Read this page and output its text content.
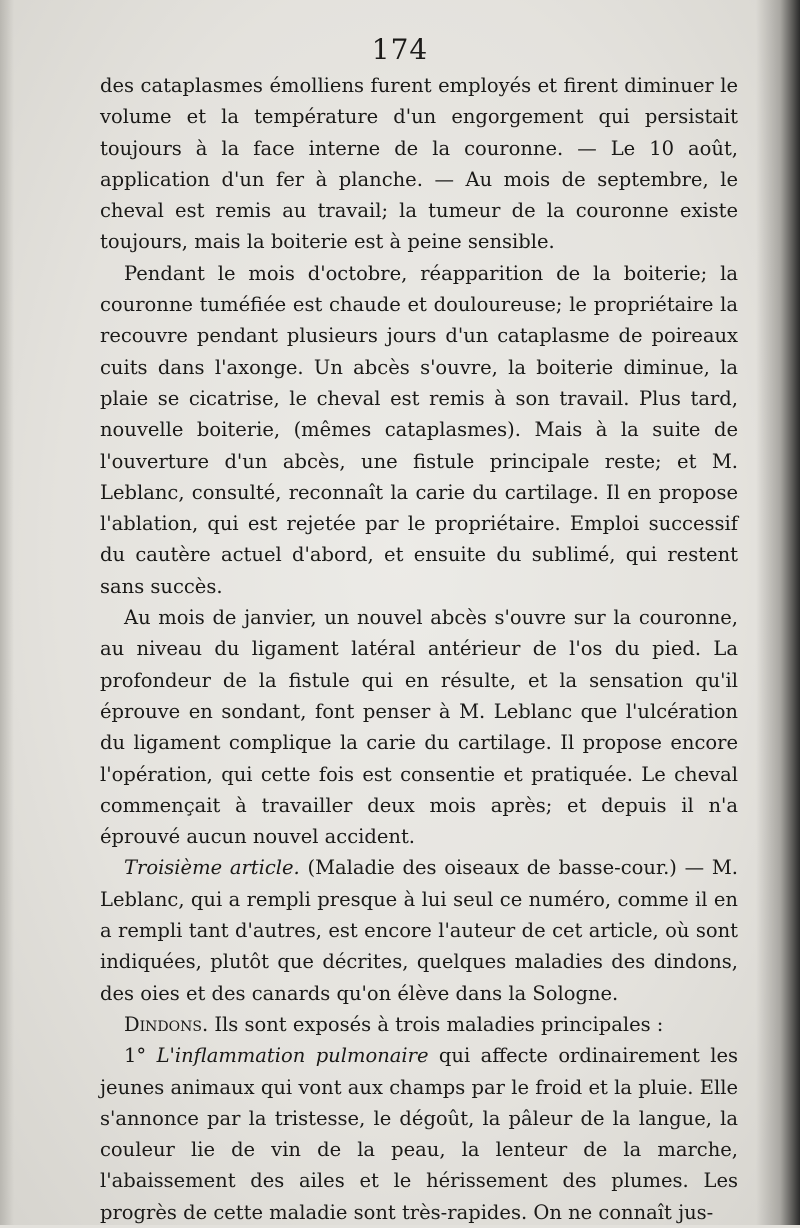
174

des cataplasmes émolliens furent employés et firent diminuer le volume et la température d'un engorgement qui persistait toujours à la face interne de la couronne. — Le 10 août, application d'un fer à planche. — Au mois de septembre, le cheval est remis au travail; la tumeur de la couronne existe toujours, mais la boiterie est à peine sensible.

Pendant le mois d'octobre, réapparition de la boiterie; la couronne tuméfiée est chaude et douloureuse; le propriétaire la recouvre pendant plusieurs jours d'un cataplasme de poireaux cuits dans l'axonge. Un abcès s'ouvre, la boiterie diminue, la plaie se cicatrise, le cheval est remis à son travail. Plus tard, nouvelle boiterie, (mêmes cataplasmes). Mais à la suite de l'ouverture d'un abcès, une fistule principale reste; et M. Leblanc, consulté, reconnaît la carie du cartilage. Il en propose l'ablation, qui est rejetée par le propriétaire. Emploi successif du cautère actuel d'abord, et ensuite du sublimé, qui restent sans succès.

Au mois de janvier, un nouvel abcès s'ouvre sur la couronne, au niveau du ligament latéral antérieur de l'os du pied. La profondeur de la fistule qui en résulte, et la sensation qu'il éprouve en sondant, font penser à M. Leblanc que l'ulcération du ligament complique la carie du cartilage. Il propose encore l'opération, qui cette fois est consentie et pratiquée. Le cheval commençait à travailler deux mois après; et depuis il n'a éprouvé aucun nouvel accident.

Troisième article. (Maladie des oiseaux de basse-cour.) — M. Leblanc, qui a rempli presque à lui seul ce numéro, comme il en a rempli tant d'autres, est encore l'auteur de cet article, où sont indiquées, plutôt que décrites, quelques maladies des dindons, des oies et des canards qu'on élève dans la Sologne.

Dindons. Ils sont exposés à trois maladies principales :

1° L'inflammation pulmonaire qui affecte ordinairement les jeunes animaux qui vont aux champs par le froid et la pluie. Elle s'annonce par la tristesse, le dégoût, la pâleur de la langue, la couleur lie de vin de la peau, la lenteur de la marche, l'abaissement des ailes et le hérissement des plumes. Les progrès de cette maladie sont très-rapides. On ne connaît jus-
